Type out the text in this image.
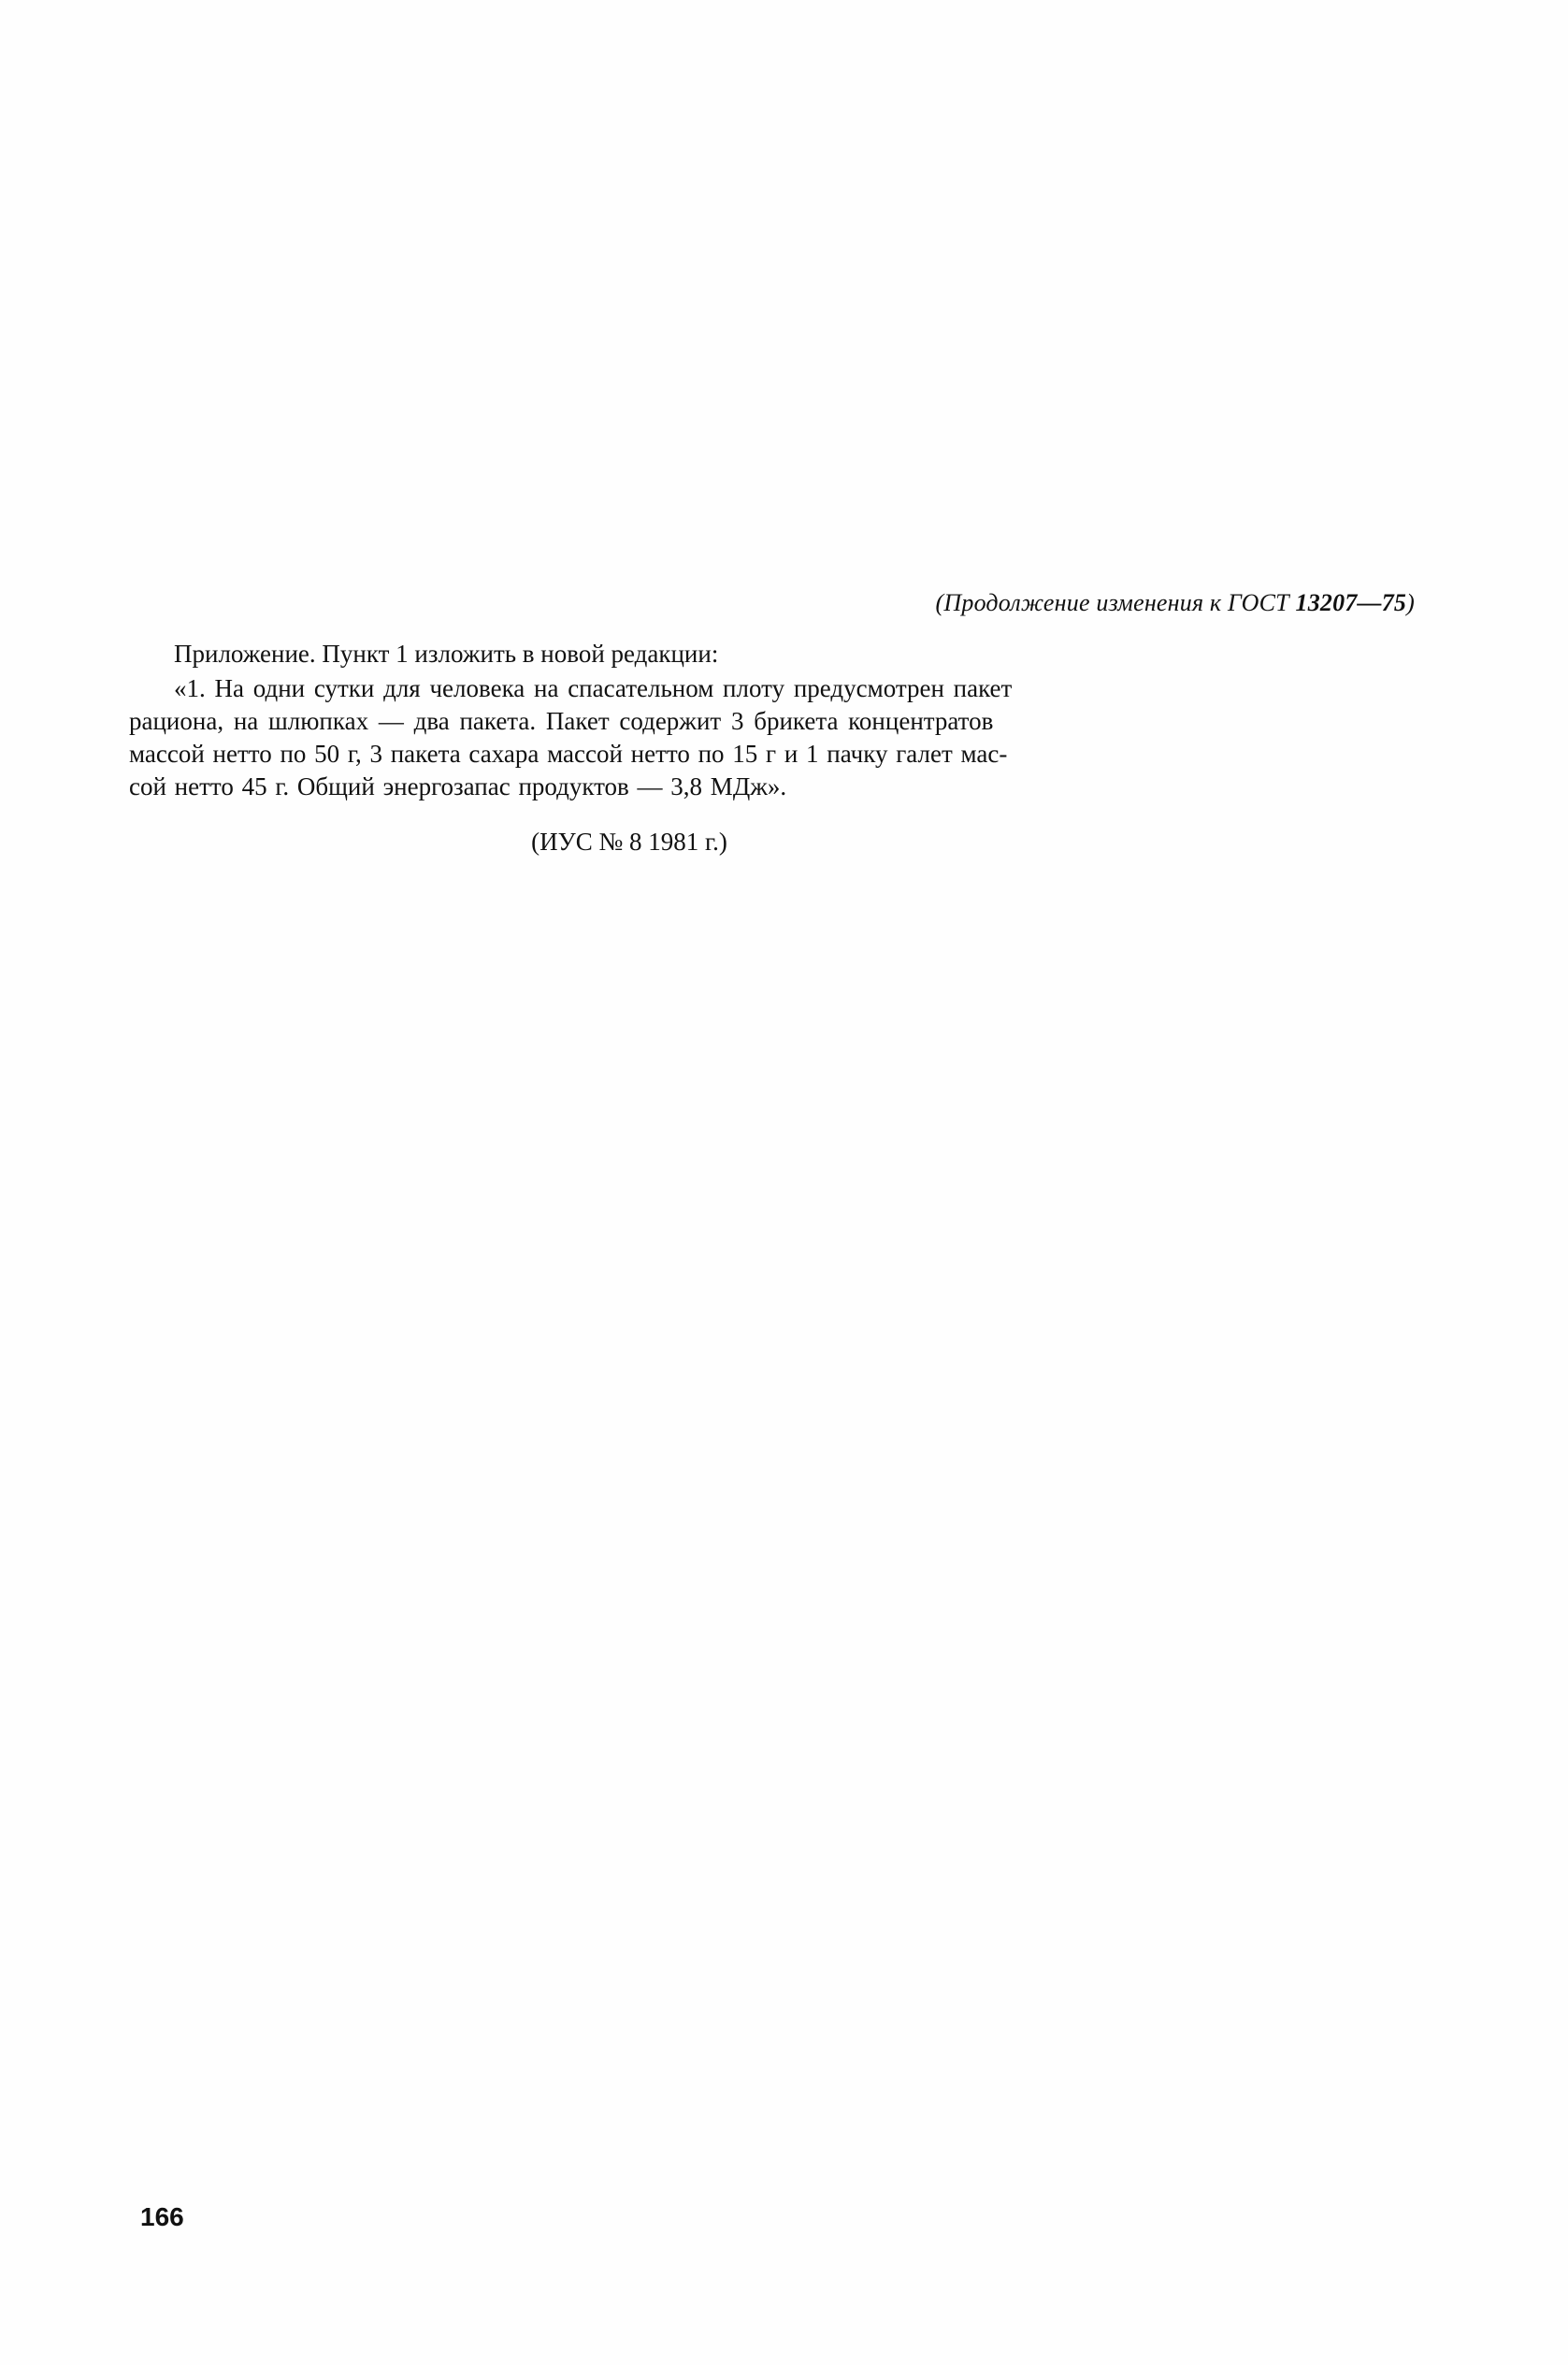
(Продолжение изменения к ГОСТ 13207—75)
Приложение. Пункт 1 изложить в новой редакции:
«1. На одни сутки для человека на спасательном плоту предусмотрен пакет
рациона, на шлюпках — два пакета. Пакет содержит 3 брикета концентратов
массой нетто по 50 г, 3 пакета сахара массой нетто по 15 г и 1 пачку галет мас-
сой нетто 45 г. Общий энергозапас продуктов — 3,8 МДж».
(ИУС № 8 1981 г.)
166
